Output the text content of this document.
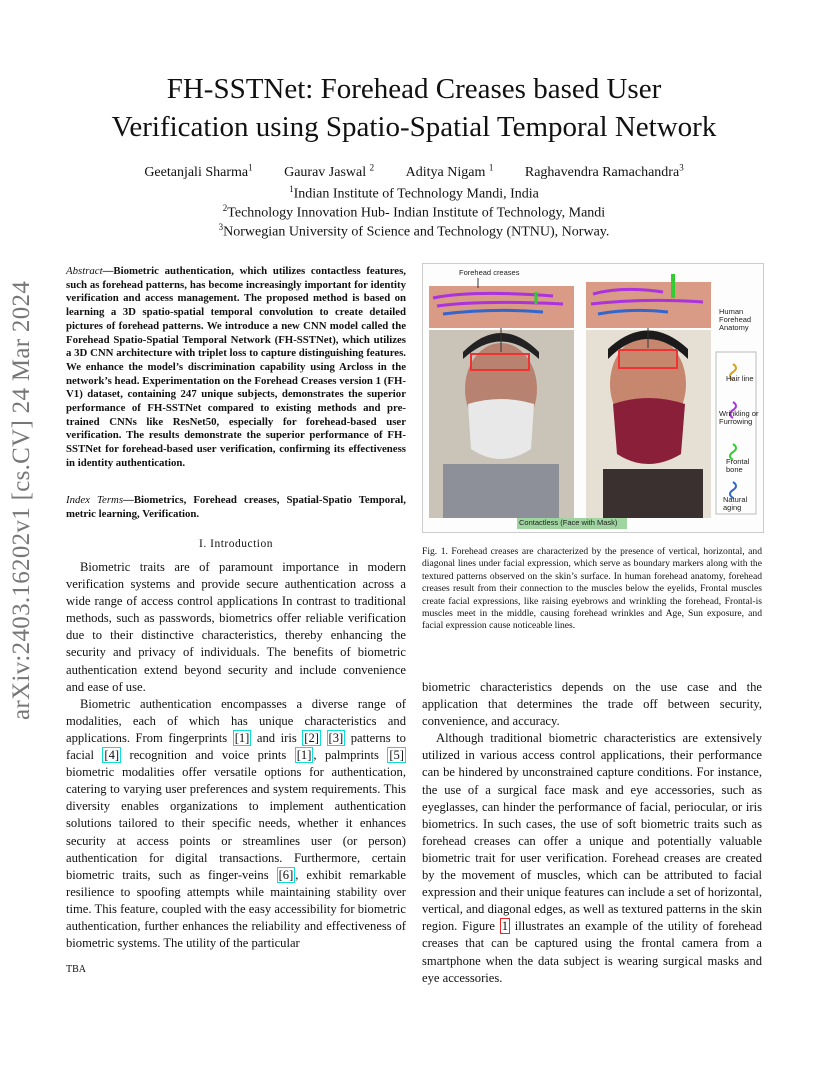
FH-SSTNet: Forehead Creases based User
Verification using Spatio-Spatial Temporal Network
Geetanjali Sharma$^1$ Gaurav Jaswal $^2$ Aditya Nigam $^1$ Raghavendra Ramachandra$^3$
$^1$Indian Institute of Technology Mandi, India
$^2$Technology Innovation Hub- Indian Institute of Technology, Mandi
$^3$Norwegian University of Science and Technology (NTNU), Norway.
arXiv:2403.16202v1 [cs.CV] 24 Mar 2024
Abstract—Biometric authentication, which utilizes contactless features, such as forehead patterns, has become increasingly important for identity verification and access management. The proposed method is based on learning a 3D spatio-spatial temporal convolution to create detailed pictures of forehead patterns. We introduce a new CNN model called the Forehead Spatio-Spatial Temporal Network (FH-SSTNet), which utilizes a 3D CNN architecture with triplet loss to capture distinguishing features. We enhance the model’s discrimination capability using Arcloss in the network’s head. Experimentation on the Forehead Creases version 1 (FH-V1) dataset, containing 247 unique subjects, demonstrates the superior performance of FH-SSTNet compared to existing methods and pre-trained CNNs like ResNet50, especially for forehead-based user verification. The results demonstrate the superior performance of FH-SSTNet for forehead-based user verification, confirming its effectiveness in identity authentication.
Index Terms—Biometrics, Forehead creases, Spatial-Spatio Temporal, metric learning, Verification.
I. Introduction

Biometric traits are of paramount importance in modern verification systems and provide secure authentication across a wide range of access control applications In contrast to traditional methods, such as passwords, biometrics offer reliable verification due to their distinctive characteristics, thereby enhancing the security and privacy of individuals. The benefits of biometric authentication extend beyond security and include convenience and ease of use.

Biometric authentication encompasses a diverse range of modalities, each of which has unique characteristics and applications. From fingerprints [1] and iris [2] [3] patterns to facial [4] recognition and voice prints [1] , palmprints [5] biometric modalities offer versatile options for authentication, catering to varying user preferences and system requirements. This diversity enables organizations to implement authentication solutions tailored to their specific needs, whether it enhances security at access points or streamlines user (or person) authentication for digital transactions. Furthermore, certain biometric traits, such as finger-veins [6] , exhibit remarkable resilience to spoofing attempts while maintaining stability over time. This feature, coupled with the easy accessibility for biometric authentication, further enhances the reliability and effectiveness of biometric systems. The utility of the particular

Forehead creases
Human Forehead Anatomy
Hair line
Wrinkling or Furrowing
Frontal bone
Natural aging
Contactless (Face with Mask)
Fig. 1. Forehead creases are characterized by the presence of vertical, horizontal, and diagonal lines under facial expression, which serve as boundary markers along with the textured patterns observed on the skin’s surface. In human forehead anatomy, forehead creases result from their connection to the muscles below the eyelids, Frontal muscles create facial expressions, like raising eyebrows and wrinkling the forehead, Frontal-is muscles meet in the middle, causing forehead wrinkles and Age, Sun exposure, and facial expression cause noticeable lines.

biometric characteristics depends on the use case and the application that determines the trade off between security, convenience, and accuracy.

Although traditional biometric characteristics are extensively utilized in various access control applications, their performance can be hindered by unconstrained capture conditions. For instance, the use of a surgical face mask and eye accessories, such as eyeglasses, can hinder the performance of facial, periocular, or iris biometrics. In such cases, the use of soft biometric traits such as forehead creases can offer a unique and potentially valuable biometric trait for user verification. Forehead creases are created by the movement of muscles, which can be attributed to facial expression and their unique features can include a set of horizontal, vertical, and diagonal edges, as well as textured patterns in the skin region. Figure 1 illustrates an example of the utility of forehead creases that can be captured using the frontal camera from a smartphone when the data subject is wearing surgical masks and eye accessories.

TBA
